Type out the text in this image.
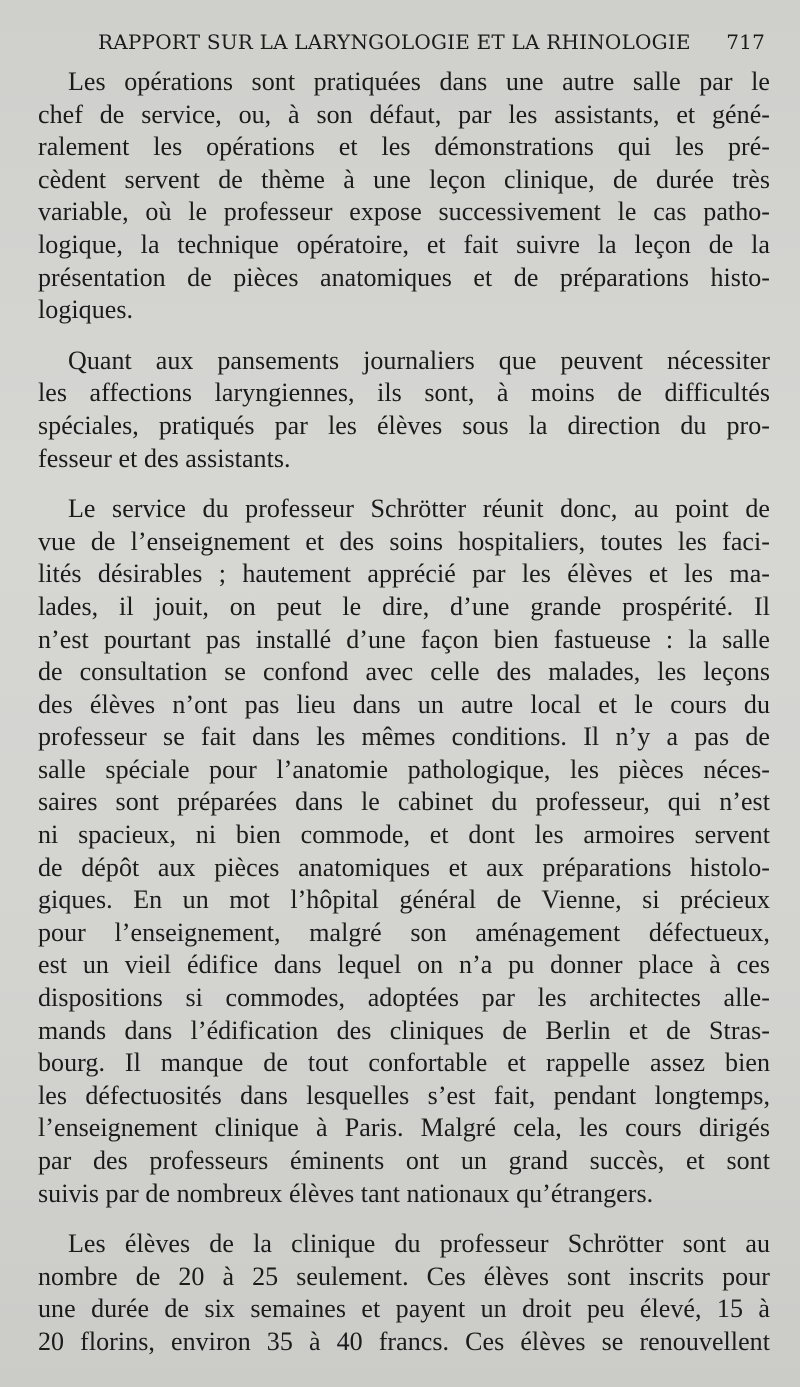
RAPPORT SUR LA LARYNGOLOGIE ET LA RHINOLOGIE 717
Les opérations sont pratiquées dans une autre salle par le
chef de service, ou, à son défaut, par les assistants, et géné-
ralement les opérations et les démonstrations qui les pré-
cèdent servent de thème à une leçon clinique, de durée très
variable, où le professeur expose successivement le cas patho-
logique, la technique opératoire, et fait suivre la leçon de la
présentation de pièces anatomiques et de préparations histo-
logiques.
Quant aux pansements journaliers que peuvent nécessiter
les affections laryngiennes, ils sont, à moins de difficultés
spéciales, pratiqués par les élèves sous la direction du pro-
fesseur et des assistants.
Le service du professeur Schrötter réunit donc, au point de
vue de l’enseignement et des soins hospitaliers, toutes les faci-
lités désirables ; hautement apprécié par les élèves et les ma-
lades, il jouit, on peut le dire, d’une grande prospérité. Il
n’est pourtant pas installé d’une façon bien fastueuse : la salle
de consultation se confond avec celle des malades, les leçons
des élèves n’ont pas lieu dans un autre local et le cours du
professeur se fait dans les mêmes conditions. Il n’y a pas de
salle spéciale pour l’anatomie pathologique, les pièces néces-
saires sont préparées dans le cabinet du professeur, qui n’est
ni spacieux, ni bien commode, et dont les armoires servent
de dépôt aux pièces anatomiques et aux préparations histolo-
giques. En un mot l’hôpital général de Vienne, si précieux
pour l’enseignement, malgré son aménagement défectueux,
est un vieil édifice dans lequel on n’a pu donner place à ces
dispositions si commodes, adoptées par les architectes alle-
mands dans l’édification des cliniques de Berlin et de Stras-
bourg. Il manque de tout confortable et rappelle assez bien
les défectuosités dans lesquelles s’est fait, pendant longtemps,
l’enseignement clinique à Paris. Malgré cela, les cours dirigés
par des professeurs éminents ont un grand succès, et sont
suivis par de nombreux élèves tant nationaux qu’étrangers.
Les élèves de la clinique du professeur Schrötter sont au
nombre de 20 à 25 seulement. Ces élèves sont inscrits pour
une durée de six semaines et payent un droit peu élevé, 15 à
20 florins, environ 35 à 40 francs. Ces élèves se renouvellent
